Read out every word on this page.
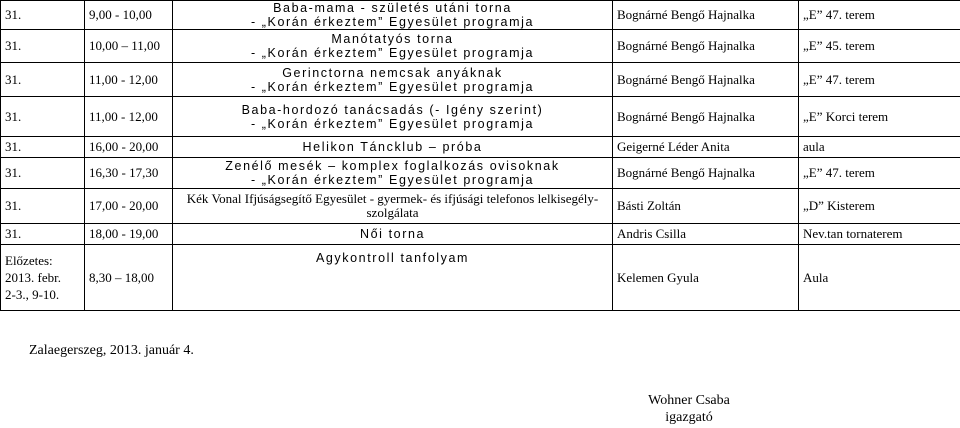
31.	9,00 - 10,00	Baba-mama - születés utáni torna
- „Korán érkeztem” Egyesület programja	Bognárné Bengő Hajnalka	„E” 47. terem
31.	10,00 – 11,00	Manótatyós torna
- „Korán érkeztem” Egyesület programja	Bognárné Bengő Hajnalka	„E” 45. terem
31.	11,00 - 12,00	Gerinctorna nemcsak anyáknak
- „Korán érkeztem” Egyesület programja	Bognárné Bengő Hajnalka	„E” 47. terem
31.	11,00 - 12,00	Baba-hordozó tanácsadás (- Igény szerint)
- „Korán érkeztem” Egyesület programja	Bognárné Bengő Hajnalka	„E” Korci terem
31.	16,00 - 20,00	Helikon Táncklub – próba	Geigerné Léder Anita	aula
31.	16,30 - 17,30	Zenélő mesék – komplex foglalkozás ovisoknak
- „Korán érkeztem” Egyesület programja	Bognárné Bengő Hajnalka	„E” 47. terem
31.	17,00 - 20,00	Kék Vonal Ifjúságsegítő Egyesület - gyermek- és ifjúsági telefonos lelkisegély-
szolgálata	Básti Zoltán	„D” Kisterem
31.	18,00 - 19,00	Női torna	Andris Csilla	Nev.tan tornaterem

Előzetes:
2013. febr.
2-3., 9-10.	8,30 – 18,00	Agykontroll tanfolyam	Kelemen Gyula	Aula
Zalaegerszeg, 2013. január 4.
Wohner Csaba
igazgató
